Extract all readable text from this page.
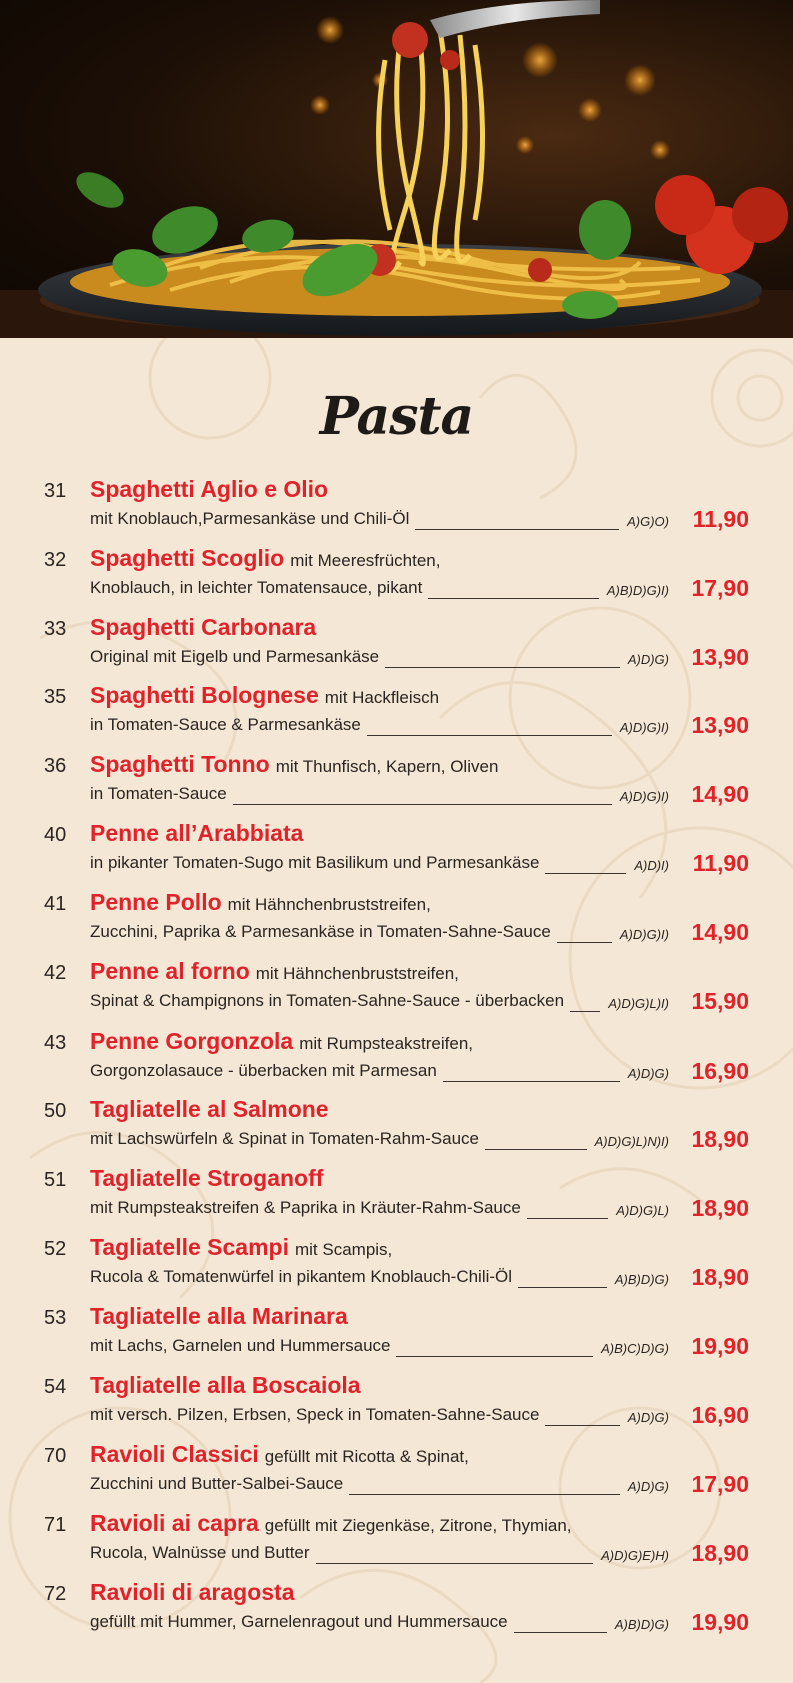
Pasta
31 Spaghetti Aglio e Olio
mit Knoblauch,Parmesankäse und Chili-Öl	A)G)O) 11,90
32 Spaghetti Scoglio mit Meeresfrüchten,
Knoblauch, in leichter Tomatensauce, pikant	A)B)D)G)I) 17,90
33 Spaghetti Carbonara
Original mit Eigelb und Parmesankäse	A)D)G) 13,90
35 Spaghetti Bolognese mit Hackfleisch
in Tomaten-Sauce & Parmesankäse	A)D)G)I) 13,90
36 Spaghetti Tonno mit Thunfisch, Kapern, Oliven
in Tomaten-Sauce	A)D)G)I) 14,90
40 Penne all’Arabbiata
in pikanter Tomaten-Sugo mit Basilikum und Parmesankäse	A)D)I) 11,90
41 Penne Pollo mit Hähnchenbruststreifen,
Zucchini, Paprika & Parmesankäse in Tomaten-Sahne-Sauce	A)D)G)I) 14,90
42 Penne al forno mit Hähnchenbruststreifen,
Spinat & Champignons in Tomaten-Sahne-Sauce - überbacken	A)D)G)L)I) 15,90
43 Penne Gorgonzola mit Rumpsteakstreifen,
Gorgonzolasauce - überbacken mit Parmesan	A)D)G) 16,90
50 Tagliatelle al Salmone
mit Lachswürfeln & Spinat in Tomaten-Rahm-Sauce	A)D)G)L)N)I) 18,90
51 Tagliatelle Stroganoff
mit Rumpsteakstreifen & Paprika in Kräuter-Rahm-Sauce	A)D)G)L) 18,90
52 Tagliatelle Scampi mit Scampis,
Rucola & Tomatenwürfel in pikantem Knoblauch-Chili-Öl	A)B)D)G) 18,90
53 Tagliatelle alla Marinara
mit Lachs, Garnelen und Hummersauce	A)B)C)D)G) 19,90
54 Tagliatelle alla Boscaiola
mit versch. Pilzen, Erbsen, Speck in Tomaten-Sahne-Sauce	A)D)G) 16,90
70 Ravioli Classici gefüllt mit Ricotta & Spinat,
Zucchini und Butter-Salbei-Sauce	A)D)G) 17,90
71 Ravioli ai capra gefüllt mit Ziegenkäse, Zitrone, Thymian,
Rucola, Walnüsse und Butter	A)D)G)E)H) 18,90
72 Ravioli di aragosta
gefüllt mit Hummer, Garnelenragout und Hummersauce	A)B)D)G) 19,90
